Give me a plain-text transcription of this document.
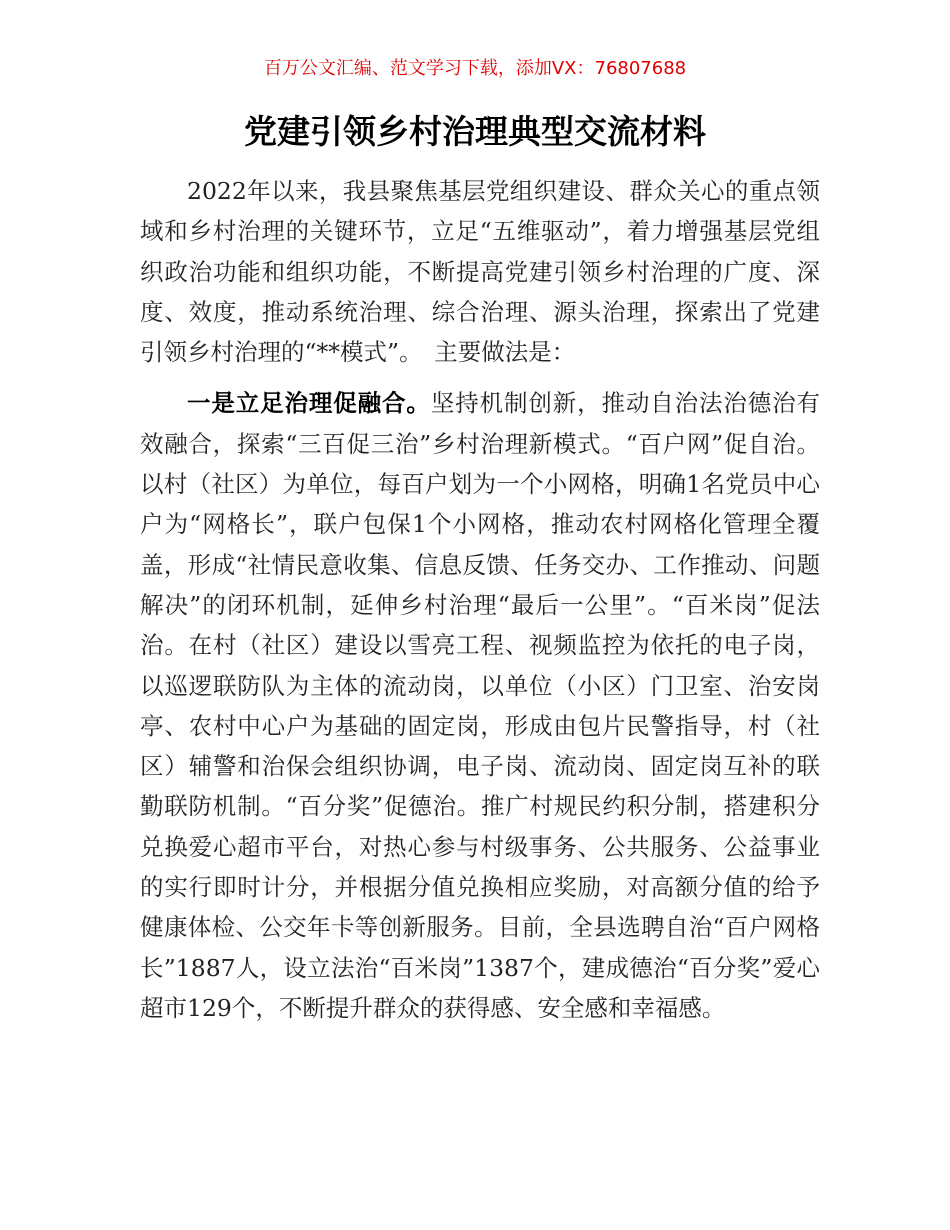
百万公文汇编、范文学习下载，添加VX：76807688
党建引领乡村治理典型交流材料

2022年以来，我县聚焦基层党组织建设、群众关心的重点领域和乡村治理的关键环节，立足“五维驱动”，着力增强基层党组织政治功能和组织功能，不断提高党建引领乡村治理的广度、深度、效度，推动系统治理、综合治理、源头治理，探索出了党建引领乡村治理的“**模式”。　主要做法是：

一是立足治理促融合。坚持机制创新，推动自治法治德治有效融合，探索“三百促三治”乡村治理新模式。“百户网”促自治。以村（社区）为单位，每百户划为一个小网格，明确1名党员中心户为“网格长”，联户包保1个小网格，推动农村网格化管理全覆盖，形成“社情民意收集、信息反馈、任务交办、工作推动、问题解决”的闭环机制，延伸乡村治理“最后一公里”。“百米岗”促法治。在村（社区）建设以雪亮工程、视频监控为依托的电子岗，以巡逻联防队为主体的流动岗，以单位（小区）门卫室、治安岗亭、农村中心户为基础的固定岗，形成由包片民警指导，村（社区）辅警和治保会组织协调，电子岗、流动岗、固定岗互补的联勤联防机制。“百分奖”促德治。推广村规民约积分制，搭建积分兑换爱心超市平台，对热心参与村级事务、公共服务、公益事业的实行即时计分，并根据分值兑换相应奖励，对高额分值的给予健康体检、公交年卡等创新服务。目前，全县选聘自治“百户网格长”1887人，设立法治“百米岗”1387个，建成德治“百分奖”爱心超市129个，不断提升群众的获得感、安全感和幸福感。
